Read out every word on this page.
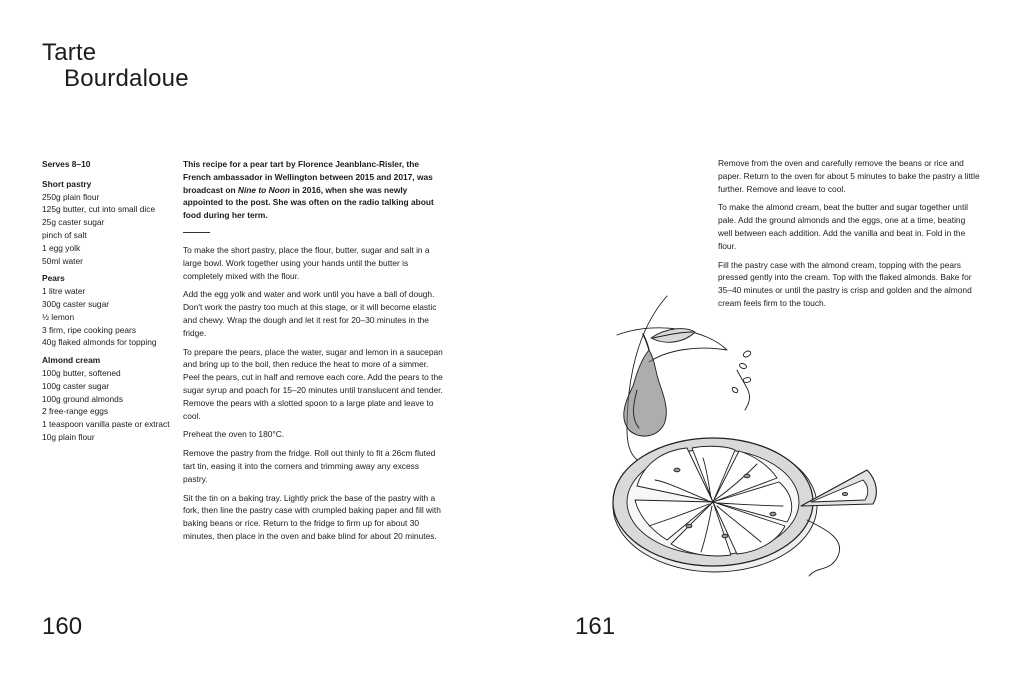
Tarte
Bourdaloue
Serves 8–10
Short pastry
250g plain flour
125g butter, cut into small dice
25g caster sugar
pinch of salt
1 egg yolk
50ml water
Pears
1 litre water
300g caster sugar
½ lemon
3 firm, ripe cooking pears
40g flaked almonds for topping
Almond cream
100g butter, softened
100g caster sugar
100g ground almonds
2 free-range eggs
1 teaspoon vanilla paste or extract
10g plain flour

This recipe for a pear tart by Florence Jeanblanc-Risler, the French ambassador in Wellington between 2015 and 2017, was broadcast on Nine to Noon in 2016, when she was newly appointed to the post. She was often on the radio talking about food during her term.

To make the short pastry, place the flour, butter, sugar and salt in a large bowl. Work together using your hands until the butter is completely mixed with the flour.

Add the egg yolk and water and work until you have a ball of dough. Don't work the pastry too much at this stage, or it will become elastic and chewy. Wrap the dough and let it rest for 20–30 minutes in the fridge.

To prepare the pears, place the water, sugar and lemon in a saucepan and bring up to the boil, then reduce the heat to more of a simmer. Peel the pears, cut in half and remove each core. Add the pears to the sugar syrup and poach for 15–20 minutes until translucent and tender. Remove the pears with a slotted spoon to a large plate and leave to cool.

Preheat the oven to 180°C.

Remove the pastry from the fridge. Roll out thinly to fit a 26cm fluted tart tin, easing it into the corners and trimming away any excess pastry.

Sit the tin on a baking tray. Lightly prick the base of the pastry with a fork, then line the pastry case with crumpled baking paper and fill with baking beans or rice. Return to the fridge to firm up for about 30 minutes, then place in the oven and bake blind for about 20 minutes.

160

Remove from the oven and carefully remove the beans or rice and paper. Return to the oven for about 5 minutes to bake the pastry a little further. Remove and leave to cool.

To make the almond cream, beat the butter and sugar together until pale. Add the ground almonds and the eggs, one at a time, beating well between each addition. Add the vanilla and beat in. Fold in the flour.

Fill the pastry case with the almond cream, topping with the pears pressed gently into the cream. Top with the flaked almonds. Bake for 35–40 minutes or until the pastry is crisp and golden and the almond cream feels firm to the touch.

161
